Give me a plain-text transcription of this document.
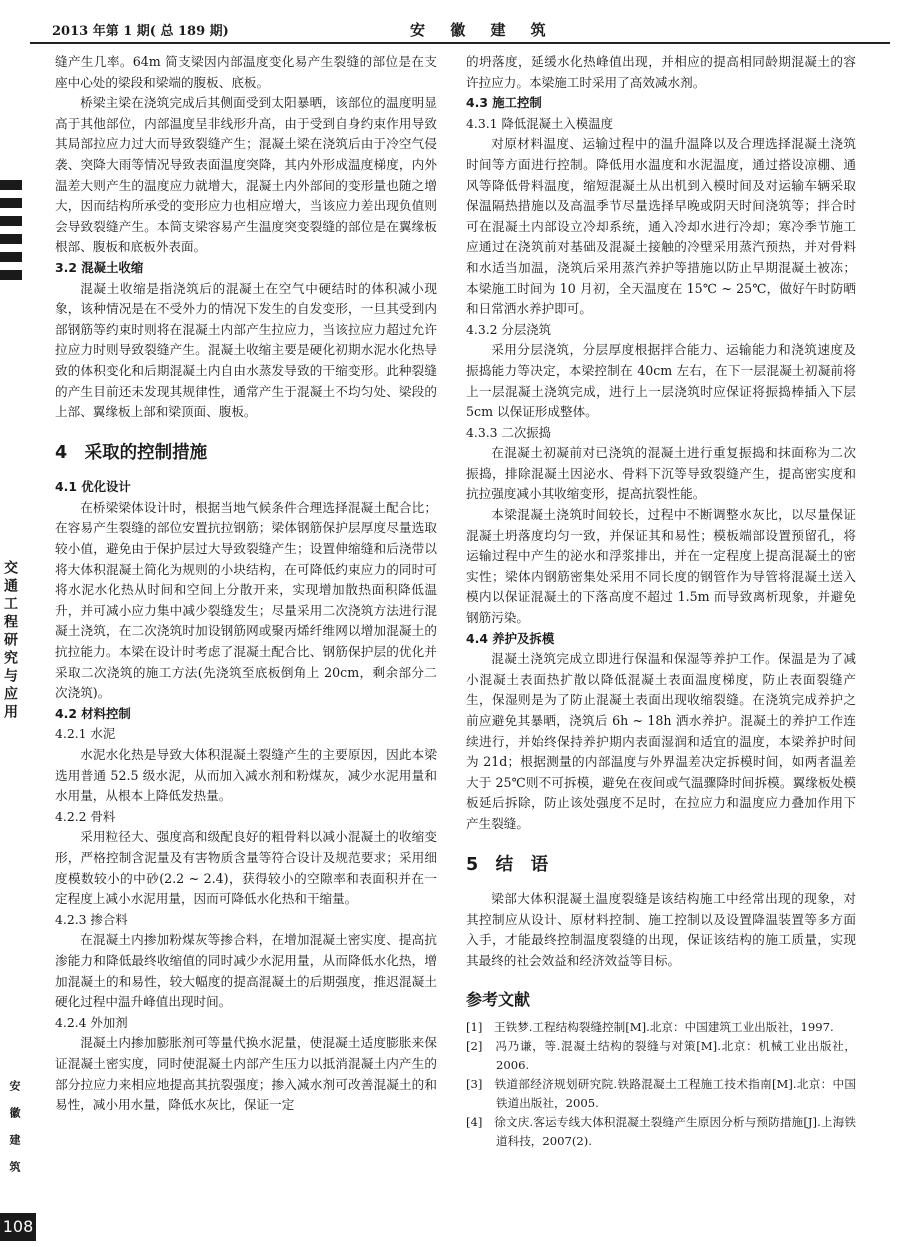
2013 年第 1 期( 总 189 期)	安 徽 建 筑
交通工程研究与应用
安徽建筑
108

缝产生几率。64m 简支梁因内部温度变化易产生裂缝的部位是在支座中心处的梁段和梁端的腹板、底板。

桥梁主梁在浇筑完成后其侧面受到太阳暴晒，该部位的温度明显高于其他部位，内部温度呈非线形升高，由于受到自身约束作用导致其局部拉应力过大而导致裂缝产生；混凝土梁在浇筑后由于冷空气侵袭、突降大雨等情况导致表面温度突降，其内外形成温度梯度，内外温差大则产生的温度应力就增大，混凝土内外部间的变形量也随之增大，因而结构所承受的变形应力也相应增大，当该应力差出现负值则会导致裂缝产生。本简支梁容易产生温度突变裂缝的部位是在翼缘板根部、腹板和底板外表面。

3.2 混凝土收缩

混凝土收缩是指浇筑后的混凝土在空气中硬结时的体积减小现象，该种情况是在不受外力的情况下发生的自发变形，一旦其受到内部钢筋等约束时则将在混凝土内部产生拉应力，当该拉应力超过允许拉应力时则导致裂缝产生。混凝土收缩主要是硬化初期水泥水化热导致的体积变化和后期混凝土内自由水蒸发导致的干缩变形。此种裂缝的产生目前还未发现其规律性，通常产生于混凝土不均匀处、梁段的上部、翼缘板上部和梁顶面、腹板。

4　采取的控制措施
4.1 优化设计

在桥梁梁体设计时，根据当地气候条件合理选择混凝土配合比；在容易产生裂缝的部位安置抗拉钢筋；梁体钢筋保护层厚度尽量选取较小值，避免由于保护层过大导致裂缝产生；设置伸缩缝和后浇带以将大体积混凝土简化为规则的小块结构，在可降低约束应力的同时可将水泥水化热从时间和空间上分散开来，实现增加散热面积降低温升，并可减小应力集中减少裂缝发生；尽量采用二次浇筑方法进行混凝土浇筑，在二次浇筑时加设钢筋网或聚丙烯纤维网以增加混凝土的抗拉能力。本梁在设计时考虑了混凝土配合比、钢筋保护层的优化并采取二次浇筑的施工方法(先浇筑至底板倒角上 20cm，剩余部分二次浇筑)。

4.2 材料控制
4.2.1 水泥

水泥水化热是导致大体积混凝土裂缝产生的主要原因，因此本梁选用普通 52.5 级水泥，从而加入减水剂和粉煤灰，减少水泥用量和水用量，从根本上降低发热量。

4.2.2 骨料

采用粒径大、强度高和级配良好的粗骨料以减小混凝土的收缩变形，严格控制含泥量及有害物质含量等符合设计及规范要求；采用细度模数较小的中砂(2.2 ~ 2.4)，获得较小的空隙率和表面积并在一定程度上减小水泥用量，因而可降低水化热和干缩量。

4.2.3 掺合料

在混凝土内掺加粉煤灰等掺合料，在增加混凝土密实度、提高抗渗能力和降低最终收缩值的同时减少水泥用量，从而降低水化热，增加混凝土的和易性，较大幅度的提高混凝土的后期强度，推迟混凝土硬化过程中温升峰值出现时间。

4.2.4 外加剂

混凝土内掺加膨胀剂可等量代换水泥量，使混凝土适度膨胀来保证混凝土密实度，同时使混凝土内部产生压力以抵消混凝土内产生的部分拉应力来相应地提高其抗裂强度；掺入减水剂可改善混凝土的和易性，减小用水量，降低水灰比，保证一定

的坍落度，延缓水化热峰值出现，并相应的提高相同龄期混凝土的容许拉应力。本梁施工时采用了高效减水剂。

4.3 施工控制
4.3.1 降低混凝土入模温度

对原材料温度、运输过程中的温升温降以及合理选择混凝土浇筑时间等方面进行控制。降低用水温度和水泥温度，通过搭设凉棚、通风等降低骨料温度，缩短混凝土从出机到入模时间及对运输车辆采取保温隔热措施以及高温季节尽量选择早晚或阴天时间浇筑等；拌合时可在混凝土内部设立冷却系统，通入冷却水进行冷却；寒冷季节施工应通过在浇筑前对基础及混凝土接触的冷壁采用蒸汽预热，并对骨料和水适当加温，浇筑后采用蒸汽养护等措施以防止早期混凝土被冻；本梁施工时间为 10 月初，全天温度在 15℃ ~ 25℃，做好午时防晒和日常洒水养护即可。

4.3.2 分层浇筑

采用分层浇筑，分层厚度根据拌合能力、运输能力和浇筑速度及振捣能力等决定，本梁控制在 40cm 左右，在下一层混凝土初凝前将上一层混凝土浇筑完成，进行上一层浇筑时应保证将振捣棒插入下层 5cm 以保证形成整体。

4.3.3 二次振捣

在混凝土初凝前对已浇筑的混凝土进行重复振捣和抹面称为二次振捣，排除混凝土因泌水、骨料下沉等导致裂缝产生，提高密实度和抗拉强度减小其收缩变形，提高抗裂性能。

本梁混凝土浇筑时间较长，过程中不断调整水灰比，以尽量保证混凝土坍落度均匀一致，并保证其和易性；模板端部设置预留孔，将运输过程中产生的泌水和浮浆排出，并在一定程度上提高混凝土的密实性；梁体内钢筋密集处采用不同长度的钢管作为导管将混凝土送入模内以保证混凝土的下落高度不超过 1.5m 而导致离析现象，并避免钢筋污染。

4.4 养护及拆模

混凝土浇筑完成立即进行保温和保湿等养护工作。保温是为了减小混凝土表面热扩散以降低混凝土表面温度梯度，防止表面裂缝产生，保湿则是为了防止混凝土表面出现收缩裂缝。在浇筑完成养护之前应避免其暴晒，浇筑后 6h ~ 18h 洒水养护。混凝土的养护工作连续进行，并始终保持养护期内表面湿润和适宜的温度，本梁养护时间为 21d；根据测量的内部温度与外界温差决定拆模时间，如两者温差大于 25℃则不可拆模，避免在夜间或气温骤降时间拆模。翼缘板处模板延后拆除，防止该处强度不足时，在拉应力和温度应力叠加作用下产生裂缝。

5　结　语

梁部大体积混凝土温度裂缝是该结构施工中经常出现的现象，对其控制应从设计、原材料控制、施工控制以及设置降温装置等多方面入手，才能最终控制温度裂缝的出现，保证该结构的施工质量，实现其最终的社会效益和经济效益等目标。

参考文献
[1]　王铁梦.工程结构裂缝控制[M].北京：中国建筑工业出版社，1997.
[2]　冯乃谦，等.混凝土结构的裂缝与对策[M].北京：机械工业出版社，2006.
[3]　铁道部经济规划研究院.铁路混凝土工程施工技术指南[M].北京：中国铁道出版社，2005.
[4]　徐文庆.客运专线大体积混凝土裂缝产生原因分析与预防措施[J].上海铁道科技，2007(2).
